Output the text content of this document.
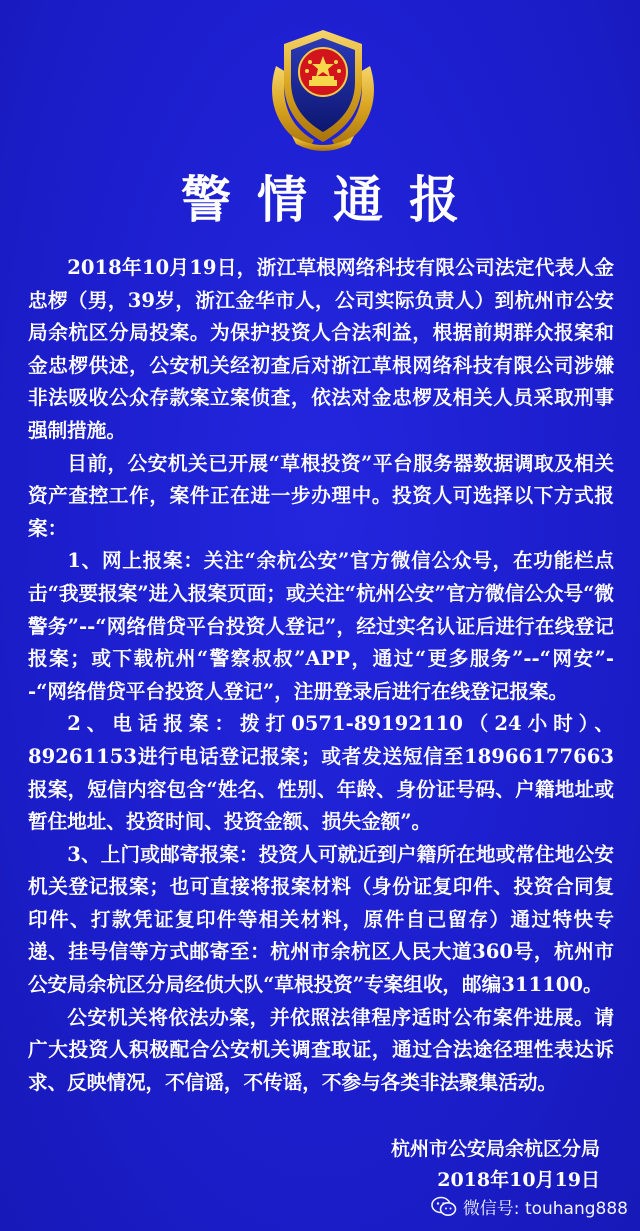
警情通报

2018年10月19日，浙江草根网络科技有限公司法定代表人金忠椤（男，39岁，浙江金华市人，公司实际负责人）到杭州市公安局余杭区分局投案。为保护投资人合法利益，根据前期群众报案和金忠椤供述，公安机关经初查后对浙江草根网络科技有限公司涉嫌非法吸收公众存款案立案侦查，依法对金忠椤及相关人员采取刑事强制措施。

目前，公安机关已开展“草根投资”平台服务器数据调取及相关资产查控工作，案件正在进一步办理中。投资人可选择以下方式报案：

1、网上报案：关注“余杭公安”官方微信公众号，在功能栏点击“我要报案”进入报案页面；或关注“杭州公安”官方微信公众号“微警务”--“网络借贷平台投资人登记”，经过实名认证后进行在线登记报案；或下载杭州“警察叔叔”APP，通过“更多服务”--“网安”--“网络借贷平台投资人登记”，注册登录后进行在线登记报案。

2、电话报案：拨打0571-89192110（24小时）、89261153进行电话登记报案；或者发送短信至18966177663报案，短信内容包含“姓名、性别、年龄、身份证号码、户籍地址或暂住地址、投资时间、投资金额、损失金额”。

3、上门或邮寄报案：投资人可就近到户籍所在地或常住地公安机关登记报案；也可直接将报案材料（身份证复印件、投资合同复印件、打款凭证复印件等相关材料，原件自己留存）通过特快专递、挂号信等方式邮寄至：杭州市余杭区人民大道360号，杭州市公安局余杭区分局经侦大队“草根投资”专案组收，邮编311100。

公安机关将依法办案，并依照法律程序适时公布案件进展。请广大投资人积极配合公安机关调查取证，通过合法途径理性表达诉求、反映情况，不信谣，不传谣，不参与各类非法聚集活动。

杭州市公安局余杭区分局
2018年10月19日
微信号: touhang888
